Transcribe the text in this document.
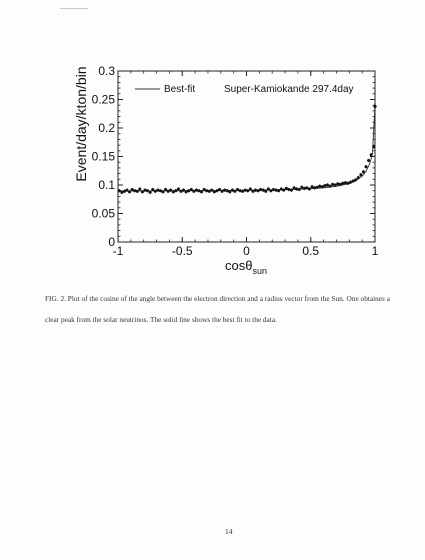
-1	-0.5	0	0.5	1
0
0.05
0.1
0.15
0.2
0.25
0.3
Event/day/kton/bin
cosθ$_{sun}$
Best-fit	Super-Kamiokande 297.4day
FIG. 2. Plot of the cosine of the angle between the electron direction and a radius vector from the Sun. One obtaines a clear peak from the solar neutrinos. The solid line shows the best fit to the data.
14
